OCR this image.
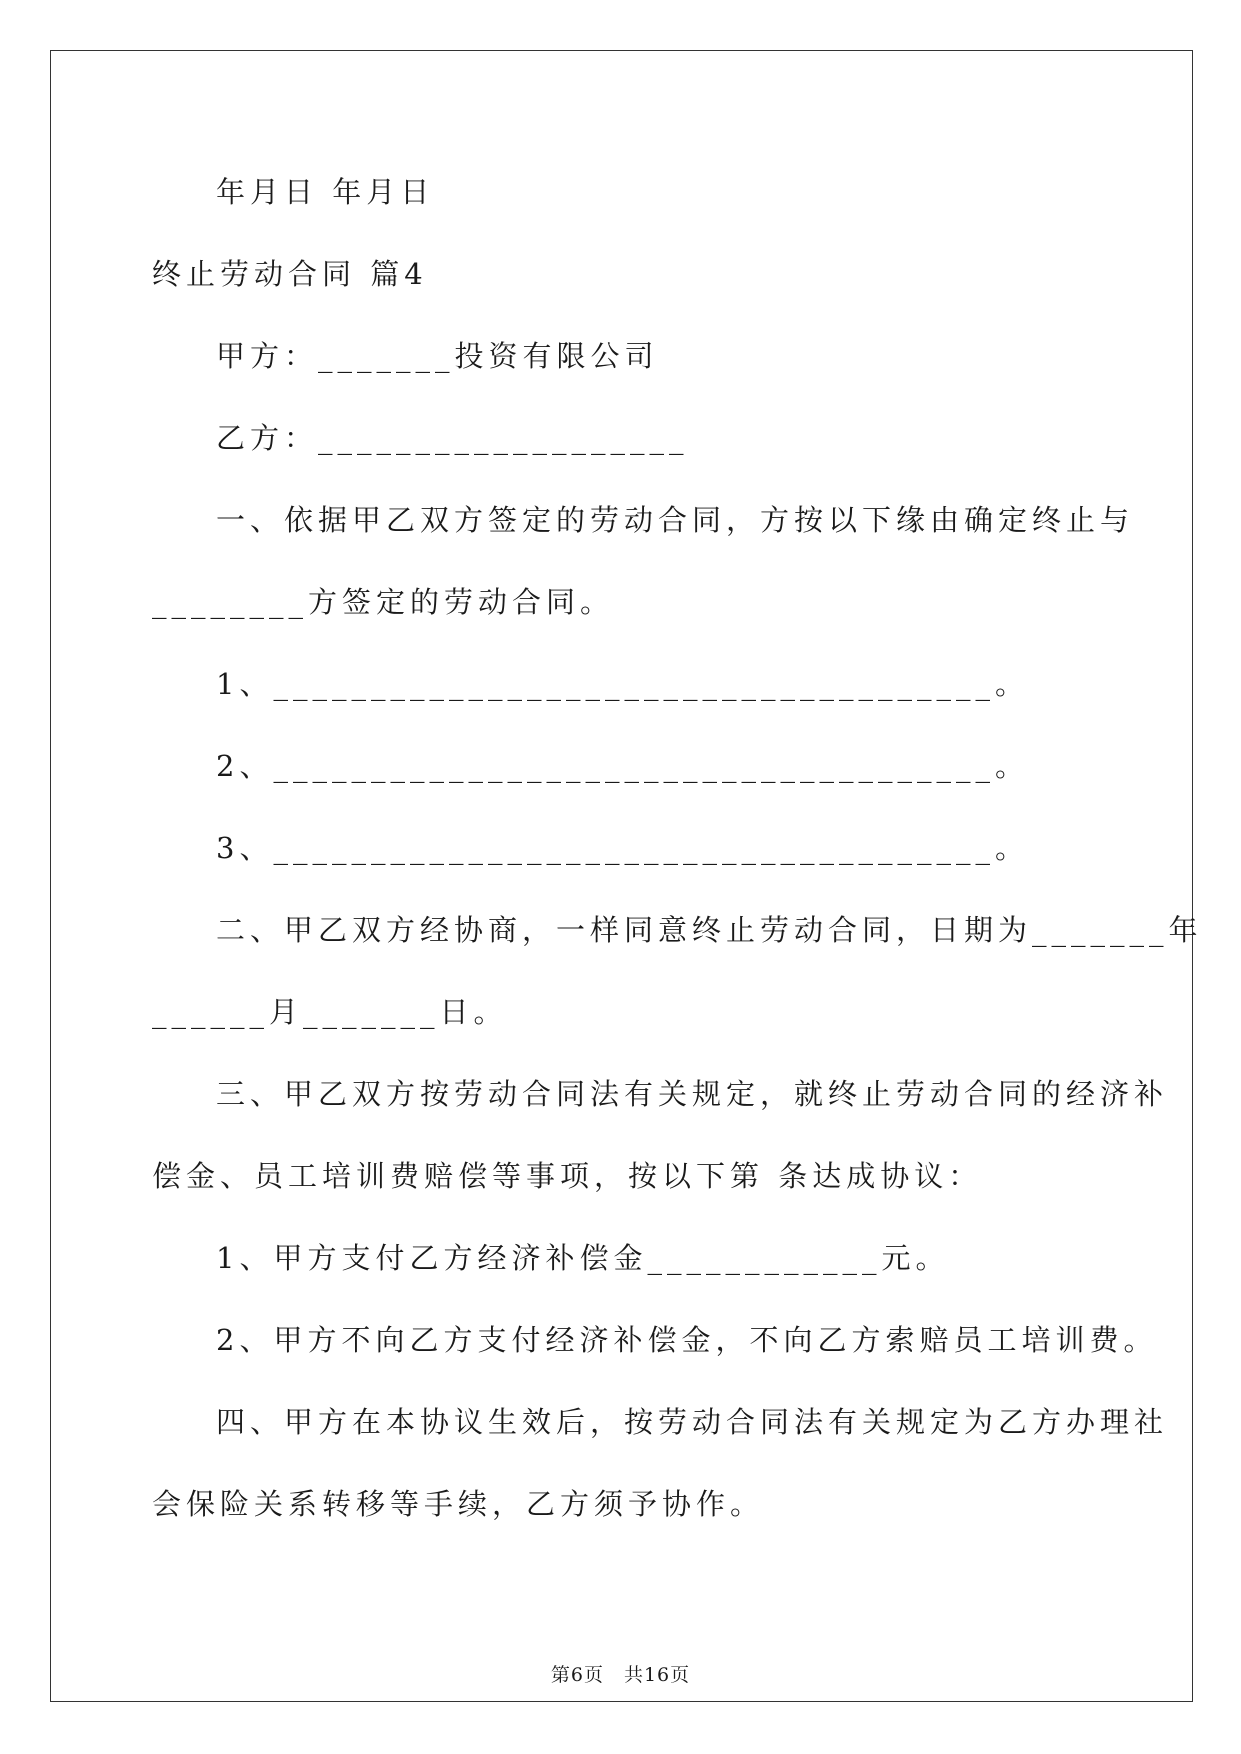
年月日 年月日
终止劳动合同 篇4
甲方：_______投资有限公司
乙方：___________________
一、依据甲乙双方签定的劳动合同，方按以下缘由确定终止与
________方签定的劳动合同。
1、_____________________________________。
2、_____________________________________。
3、_____________________________________。
二、甲乙双方经协商，一样同意终止劳动合同，日期为_______年
______月_______日。
三、甲乙双方按劳动合同法有关规定，就终止劳动合同的经济补
偿金、员工培训费赔偿等事项，按以下第 条达成协议：
1、甲方支付乙方经济补偿金____________元。
2、甲方不向乙方支付经济补偿金，不向乙方索赔员工培训费。
四、甲方在本协议生效后，按劳动合同法有关规定为乙方办理社
会保险关系转移等手续，乙方须予协作。
第6页　共16页
